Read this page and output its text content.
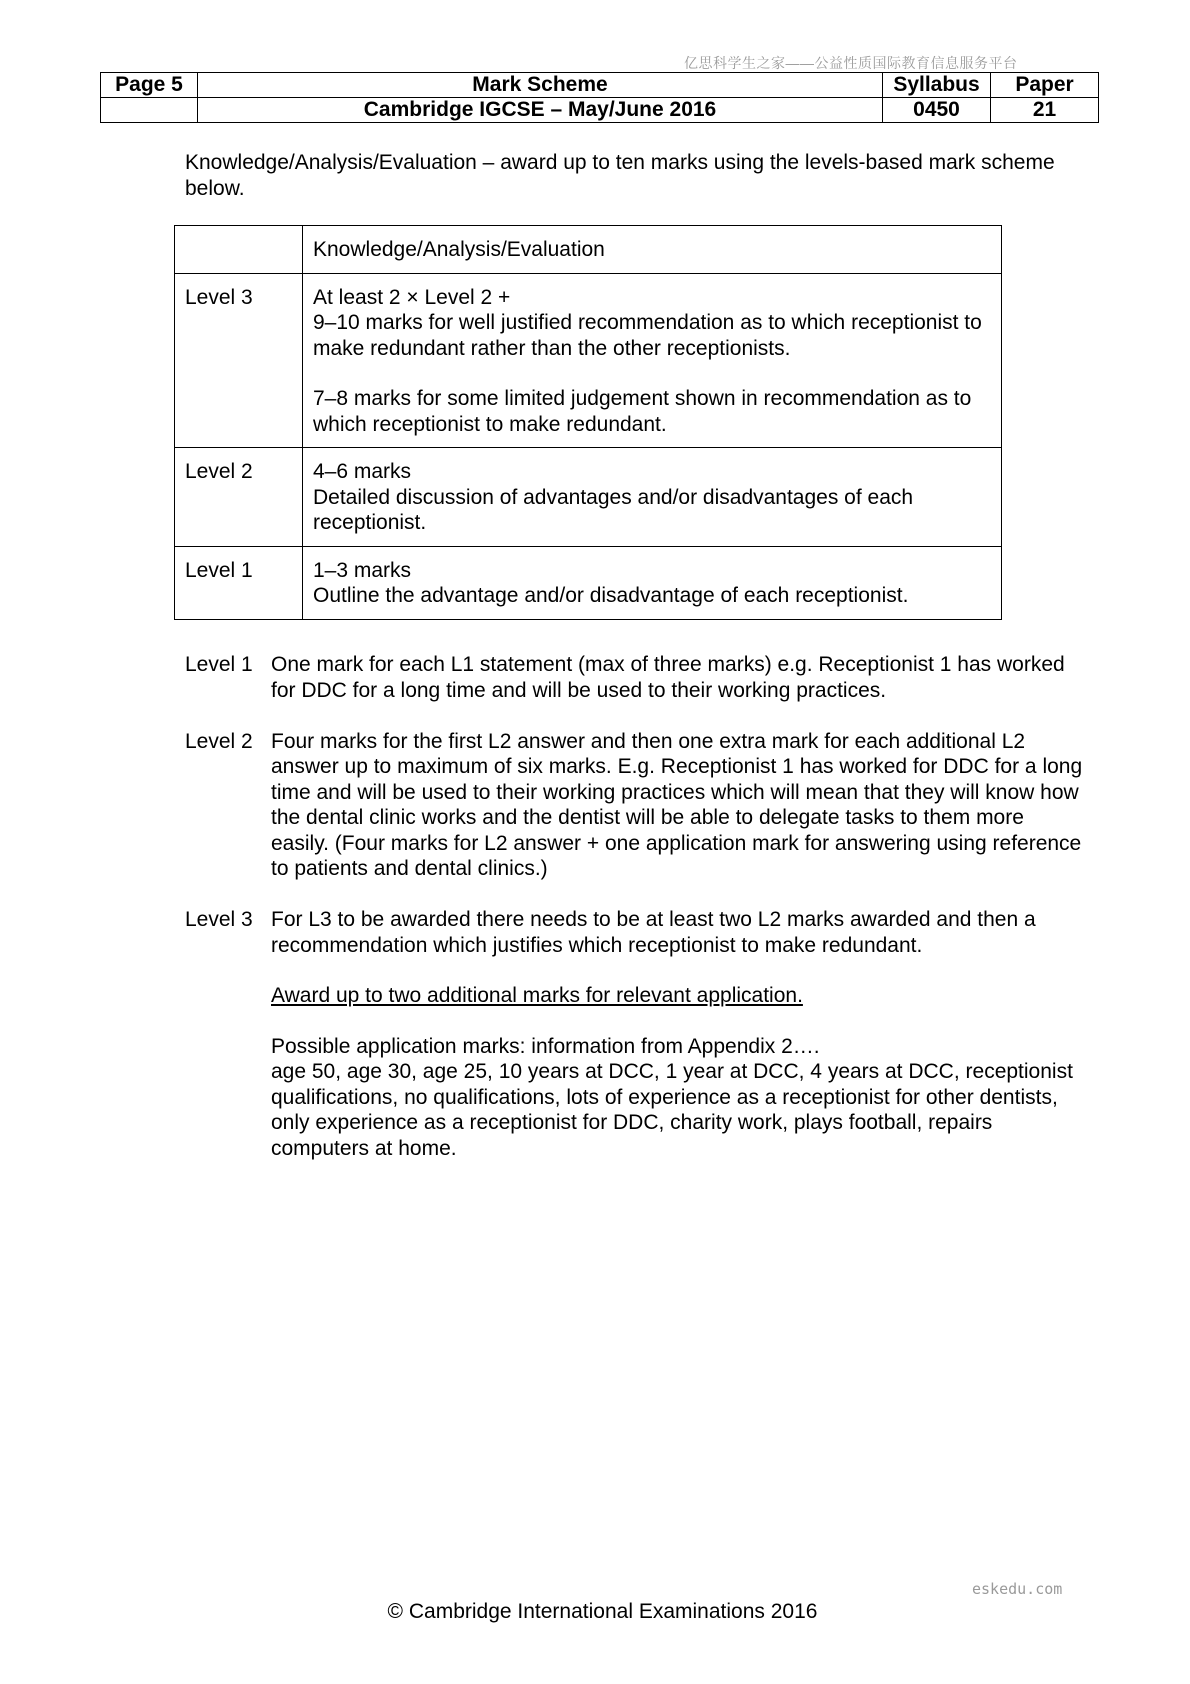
亿思科学生之家——公益性质国际教育信息服务平台
Page 5	Mark Scheme	Syllabus	Paper
	Cambridge IGCSE – May/June 2016	0450	21
Knowledge/Analysis/Evaluation – award up to ten marks using the levels-based mark scheme below.
	Knowledge/Analysis/Evaluation
Level 3	At least 2 × Level 2 +
9–10 marks for well justified recommendation as to which receptionist to make redundant rather than the other receptionists.
7–8 marks for some limited judgement shown in recommendation as to which receptionist to make redundant.

Level 2	4–6 marks
Detailed discussion of advantages and/or disadvantages of each receptionist.

Level 1	1–3 marks
Outline the advantage and/or disadvantage of each receptionist.
Level 1 One mark for each L1 statement (max of three marks) e.g. Receptionist 1 has worked for DDC for a long time and will be used to their working practices.
Level 2 Four marks for the first L2 answer and then one extra mark for each additional L2 answer up to maximum of six marks. E.g. Receptionist 1 has worked for DDC for a long time and will be used to their working practices which will mean that they will know how the dental clinic works and the dentist will be able to delegate tasks to them more easily. (Four marks for L2 answer + one application mark for answering using reference to patients and dental clinics.)
Level 3 For L3 to be awarded there needs to be at least two L2 marks awarded and then a recommendation which justifies which receptionist to make redundant.
Award up to two additional marks for relevant application.
Possible application marks: information from Appendix 2….
age 50, age 30, age 25, 10 years at DCC, 1 year at DCC, 4 years at DCC, receptionist qualifications, no qualifications, lots of experience as a receptionist for other dentists, only experience as a receptionist for DDC, charity work, plays football, repairs computers at home.
eskedu.com
© Cambridge International Examinations 2016
